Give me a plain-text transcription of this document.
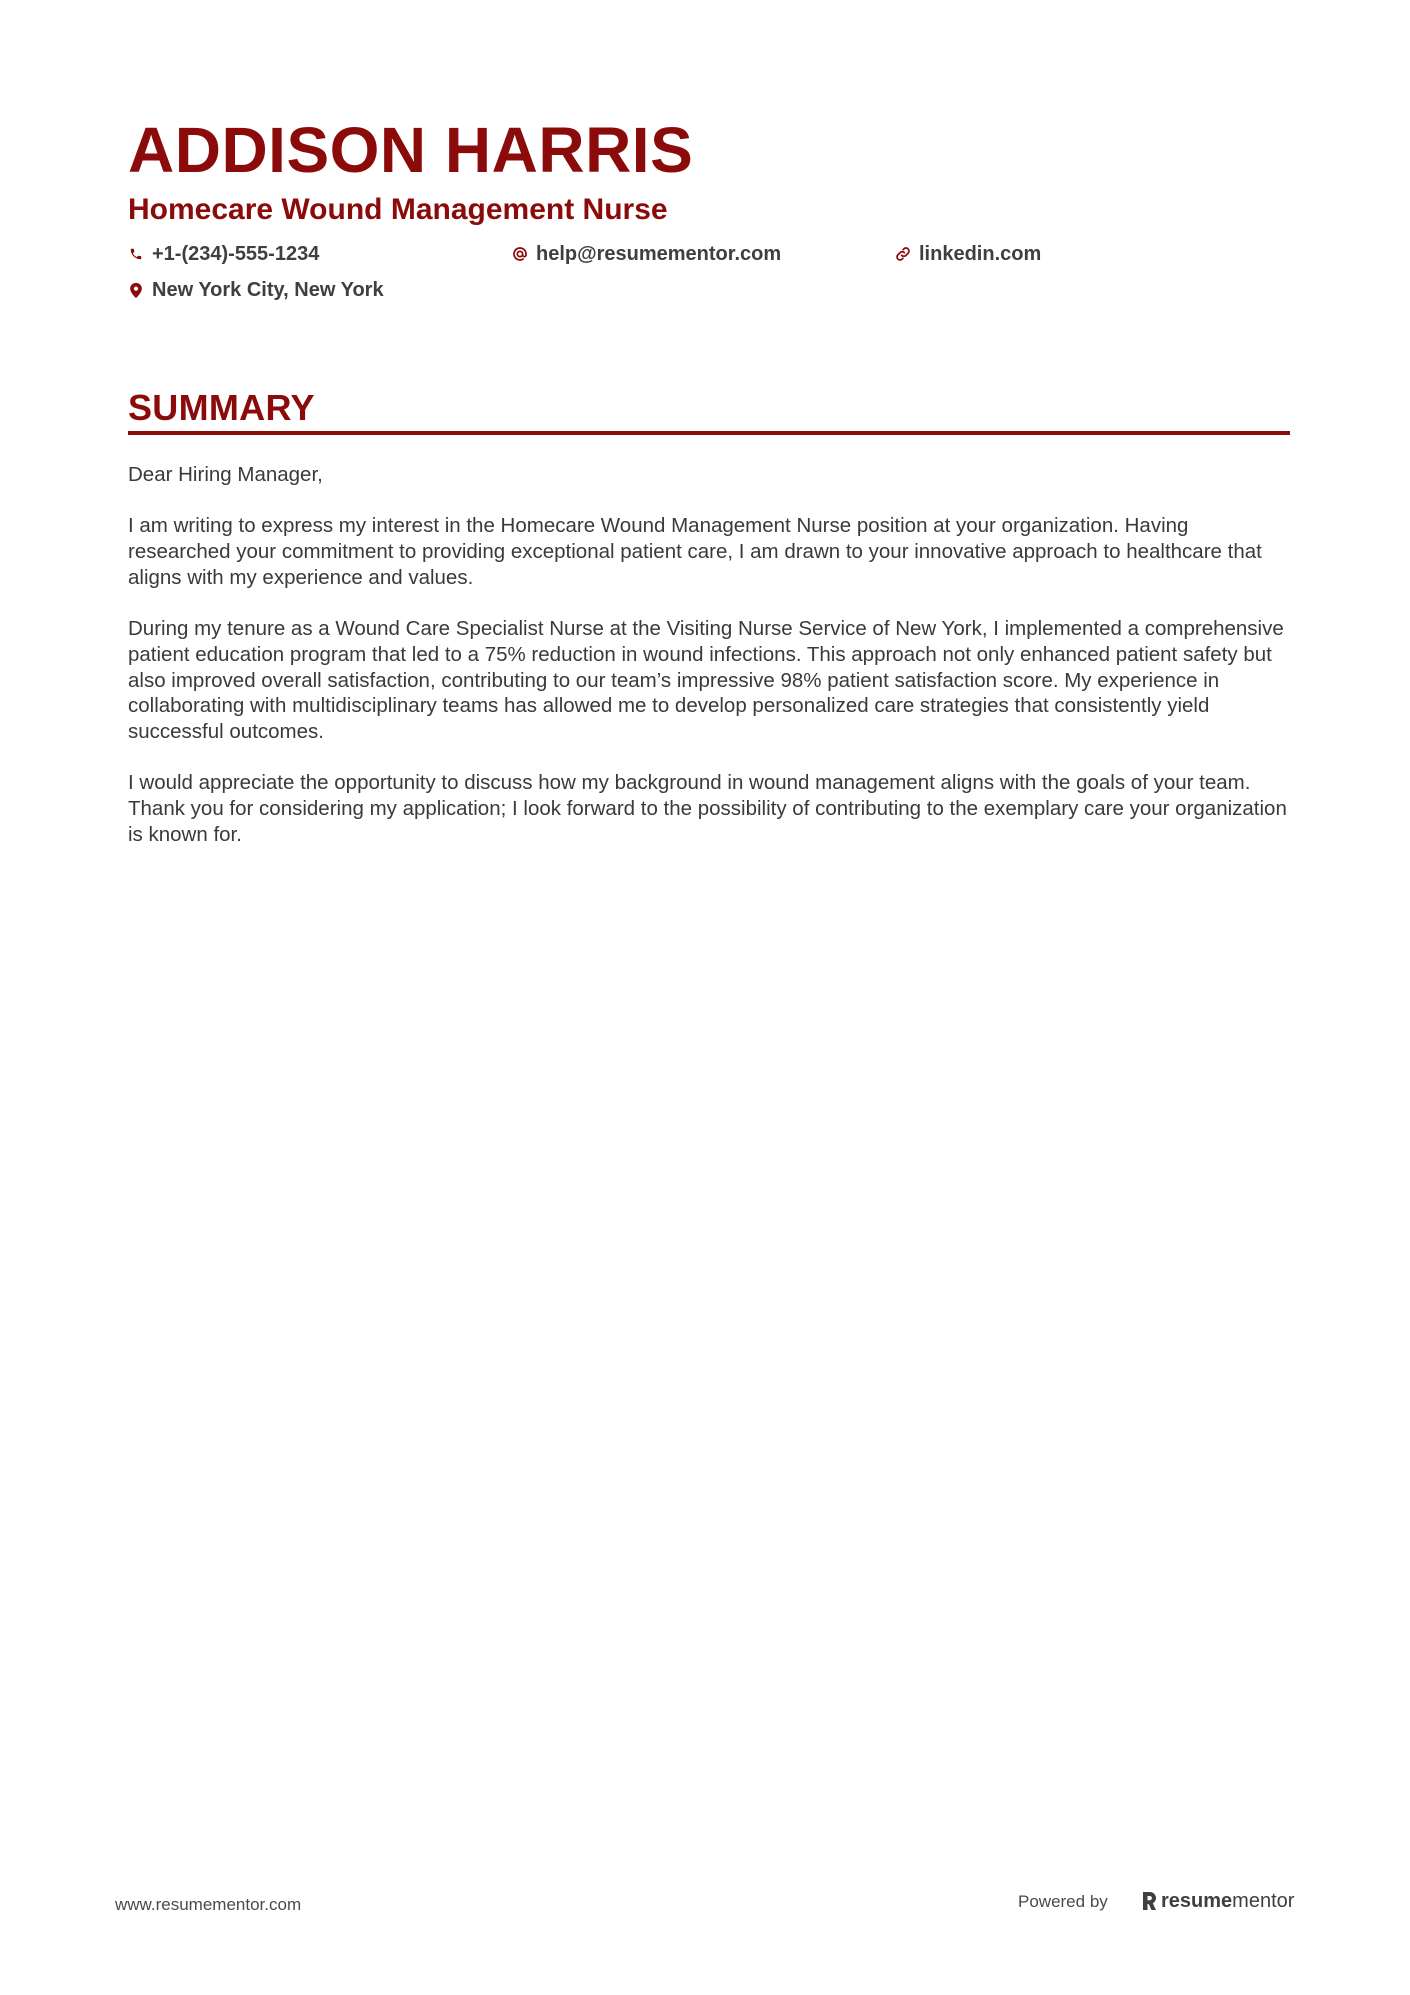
ADDISON HARRIS
Homecare Wound Management Nurse
+1-(234)-555-1234	help@resumementor.com	linkedin.com
New York City, New York
SUMMARY

Dear Hiring Manager,

I am writing to express my interest in the Homecare Wound Management Nurse position at your organization. Having researched your commitment to providing exceptional patient care, I am drawn to your innovative approach to healthcare that aligns with my experience and values.

During my tenure as a Wound Care Specialist Nurse at the Visiting Nurse Service of New York, I implemented a comprehensive patient education program that led to a 75% reduction in wound infections. This approach not only enhanced patient safety but also improved overall satisfaction, contributing to our team’s impressive 98% patient satisfaction score. My experience in collaborating with multidisciplinary teams has allowed me to develop personalized care strategies that consistently yield successful outcomes.

I would appreciate the opportunity to discuss how my background in wound management aligns with the goals of your team. Thank you for considering my application; I look forward to the possibility of contributing to the exemplary care your organization is known for.

www.resumementor.com	Powered by	resume mentor
